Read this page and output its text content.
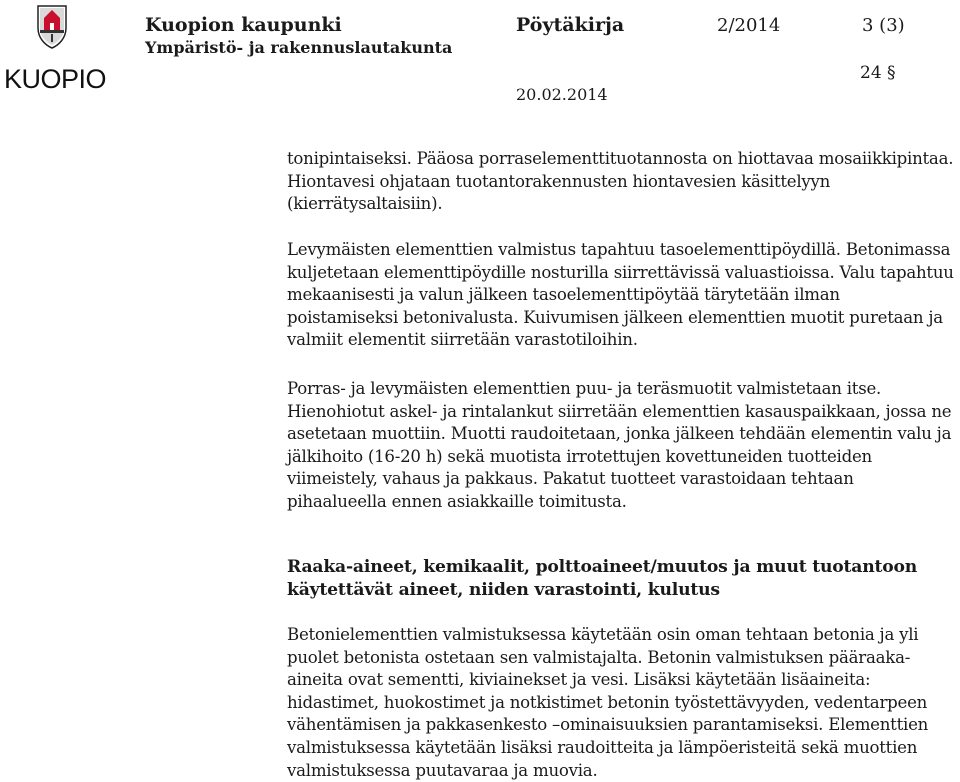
KUOPIO
Kuopion kaupunki
Ympäristö- ja rakennuslautakunta
Pöytäkirja	2/2014	3 (3)
24 §
20.02.2014

tonipintaiseksi. Pääosa porraselementtituotannosta on hiottavaa mosaiikkipintaa. Hiontavesi ohjataan tuotantorakennusten hiontavesien käsittelyyn (kierrätysaltaisiin).

Levymäisten elementtien valmistus tapahtuu tasoelementtipöydillä. Betonimassa kuljetetaan elementtipöydille nosturilla siirrettävissä valuastioissa. Valu tapahtuu mekaanisesti ja valun jälkeen tasoelementtipöytää tärytetään ilman poistamiseksi betonivalusta. Kuivumisen jälkeen elementtien muotit puretaan ja valmiit elementit siirretään varastotiloihin.

Porras- ja levymäisten elementtien puu- ja teräsmuotit valmistetaan itse. Hienohiotut askel- ja rintalankut siirretään elementtien kasauspaikkaan, jossa ne asetetaan muottiin. Muotti raudoitetaan, jonka jälkeen tehdään elementin valu ja jälkihoito (16-20 h) sekä muotista irrotettujen kovettuneiden tuotteiden viimeistely, vahaus ja pakkaus. Pakatut tuotteet varastoidaan tehtaan pihaalueella ennen asiakkaille toimitusta.

Raaka-aineet, kemikaalit, polttoaineet/muutos ja muut tuotantoon käytettävät aineet, niiden varastointi, kulutus

Betonielementtien valmistuksessa käytetään osin oman tehtaan betonia ja yli puolet betonista ostetaan sen valmistajalta. Betonin valmistuksen pääraaka-aineita ovat sementti, kiviainekset ja vesi. Lisäksi käytetään lisäaineita: hidastimet, huokostimet ja notkistimet betonin työstettävyyden, vedentarpeen vähentämisen ja pakkasenkesto –ominaisuuksien parantamiseksi. Elementtien valmistuksessa käytetään lisäksi raudoitteita ja lämpöeristeitä sekä muottien valmistuksessa puutavaraa ja muovia.
